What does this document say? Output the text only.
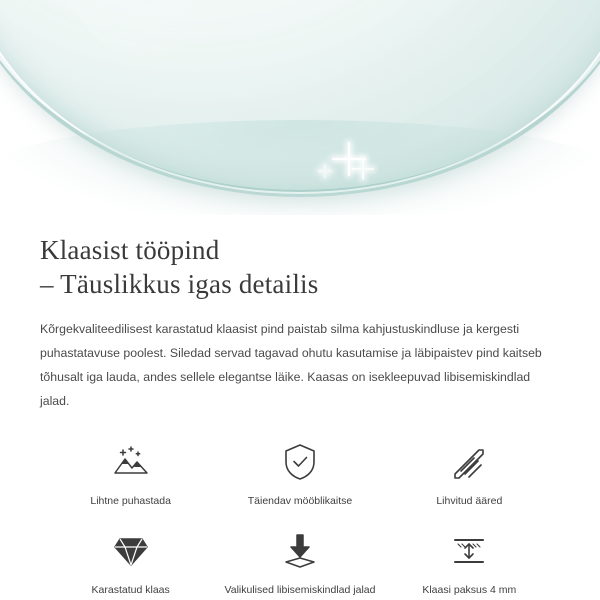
Klaasist tööpind
– Täuslikkus igas detailis

Kõrgekvaliteedilisest karastatud klaasist pind paistab silma kahjustuskindluse ja kergesti puhastatavuse poolest. Siledad servad tagavad ohutu kasutamise ja läbipaistev pind kaitseb tõhusalt iga lauda, andes sellele elegantse läike. Kaasas on isekleepuvad libisemiskindlad jalad.

Lihtne puhastada	Täiendav mööblikaitse	Lihvitud ääred
Karastatud klaas	Valikulised libisemiskindlad jalad	Klaasi paksus 4 mm
